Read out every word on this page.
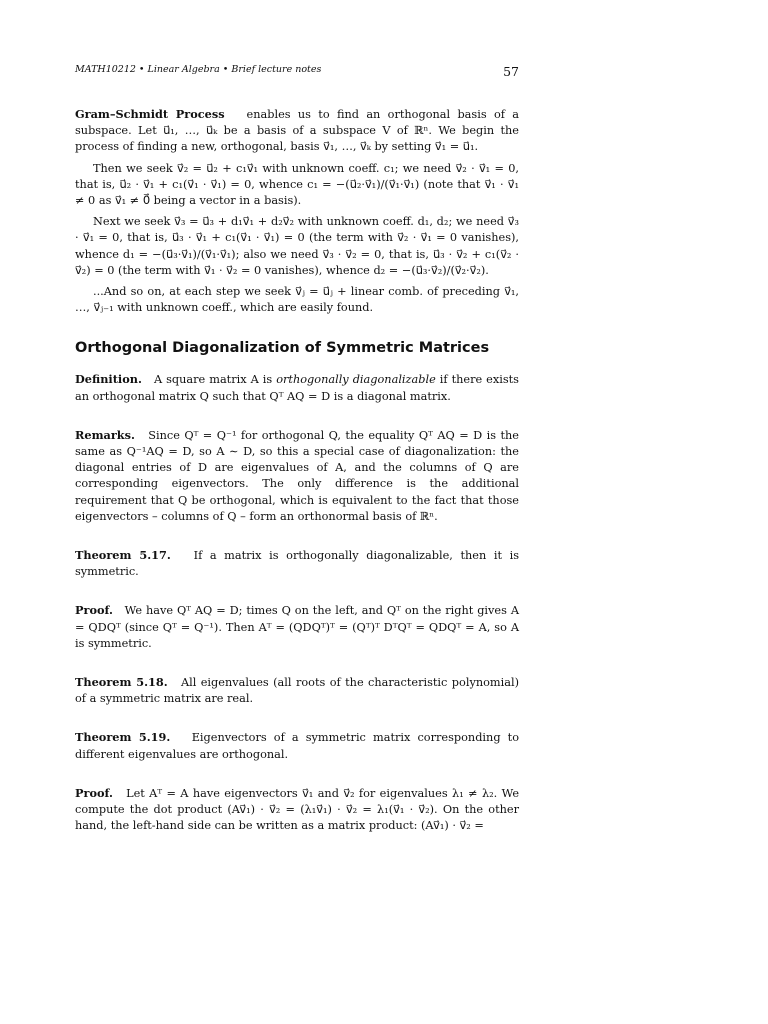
MATH10212 • Linear Algebra • Brief lecture notes	57

Gram–Schmidt Process enables us to find an orthogonal basis of a subspace. Let u⃗₁, …, u⃗ₖ be a basis of a subspace V of ℝⁿ. We begin the process of finding a new, orthogonal, basis v⃗₁, …, v⃗ₖ by setting v⃗₁ = u⃗₁.

Then we seek v⃗₂ = u⃗₂ + c₁v⃗₁ with unknown coeff. c₁; we need v⃗₂ · v⃗₁ = 0, that is, u⃗₂ · v⃗₁ + c₁(v⃗₁ · v⃗₁) = 0, whence c₁ = −(u⃗₂·v⃗₁)/(v⃗₁·v⃗₁) (note that v⃗₁ · v⃗₁ ≠ 0 as v⃗₁ ≠ 0⃗ being a vector in a basis).

Next we seek v⃗₃ = u⃗₃ + d₁v⃗₁ + d₂v⃗₂ with unknown coeff. d₁, d₂; we need v⃗₃ · v⃗₁ = 0, that is, u⃗₃ · v⃗₁ + c₁(v⃗₁ · v⃗₁) = 0 (the term with v⃗₂ · v⃗₁ = 0 vanishes), whence d₁ = −(u⃗₃·v⃗₁)/(v⃗₁·v⃗₁); also we need v⃗₃ · v⃗₂ = 0, that is, u⃗₃ · v⃗₂ + c₁(v⃗₂ · v⃗₂) = 0 (the term with v⃗₁ · v⃗₂ = 0 vanishes), whence d₂ = −(u⃗₃·v⃗₂)/(v⃗₂·v⃗₂).

...And so on, at each step we seek v⃗ⱼ = u⃗ⱼ + linear comb. of preceding v⃗₁, …, v⃗ⱼ₋₁ with unknown coeff., which are easily found.

Orthogonal Diagonalization of Symmetric Matrices

Definition. A square matrix A is orthogonally diagonalizable if there exists an orthogonal matrix Q such that Qᵀ AQ = D is a diagonal matrix.

Remarks. Since Qᵀ = Q⁻¹ for orthogonal Q, the equality Qᵀ AQ = D is the same as Q⁻¹AQ = D, so A ∼ D, so this a special case of diagonalization: the diagonal entries of D are eigenvalues of A, and the columns of Q are corresponding eigenvectors. The only difference is the additional requirement that Q be orthogonal, which is equivalent to the fact that those eigenvectors – columns of Q – form an orthonormal basis of ℝⁿ.

Theorem 5.17. If a matrix is orthogonally diagonalizable, then it is symmetric.

Proof. We have Qᵀ AQ = D; times Q on the left, and Qᵀ on the right gives A = QDQᵀ (since Qᵀ = Q⁻¹). Then Aᵀ = (QDQᵀ)ᵀ = (Qᵀ)ᵀ DᵀQᵀ = QDQᵀ = A, so A is symmetric.

Theorem 5.18. All eigenvalues (all roots of the characteristic polynomial) of a symmetric matrix are real.

Theorem 5.19. Eigenvectors of a symmetric matrix corresponding to different eigenvalues are orthogonal.

Proof. Let Aᵀ = A have eigenvectors v⃗₁ and v⃗₂ for eigenvalues λ₁ ≠ λ₂. We compute the dot product (Av⃗₁) · v⃗₂ = (λ₁v⃗₁) · v⃗₂ = λ₁(v⃗₁ · v⃗₂). On the other hand, the left-hand side can be written as a matrix product: (Av⃗₁) · v⃗₂ =
